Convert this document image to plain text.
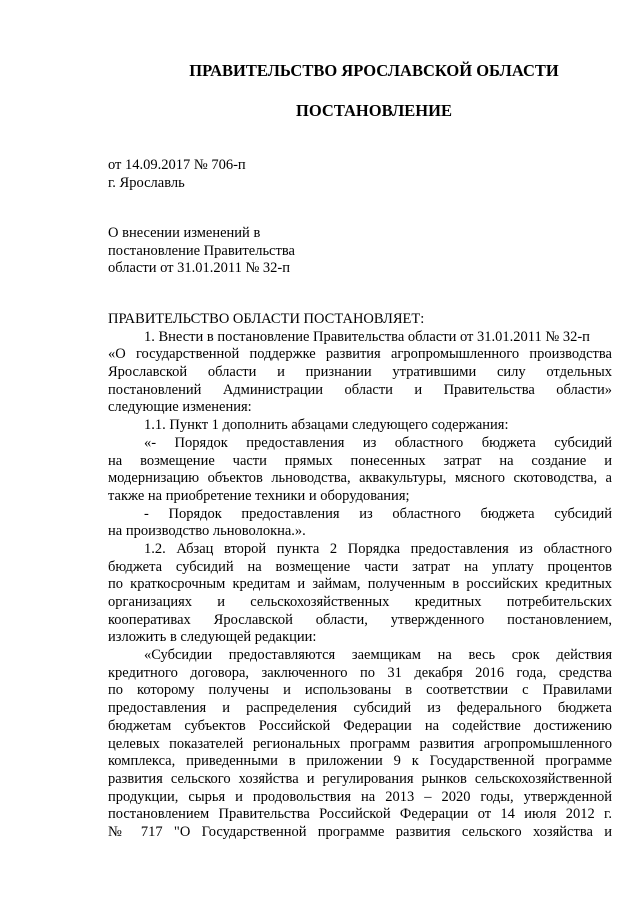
ПРАВИТЕЛЬСТВО ЯРОСЛАВСКОЙ ОБЛАСТИ
ПОСТАНОВЛЕНИЕ
от 14.09.2017 № 706-п
г. Ярославль
О внесении изменений в
постановление Правительства
области от 31.01.2011 № 32-п
ПРАВИТЕЛЬСТВО ОБЛАСТИ ПОСТАНОВЛЯЕТ:
1. Внести в постановление Правительства области от 31.01.2011 № 32-п
«О государственной поддержке развития агропромышленного производства
Ярославской области и признании утратившими силу отдельных
постановлений Администрации области и Правительства области»
следующие изменения:
1.1. Пункт 1 дополнить абзацами следующего содержания:
«- Порядок предоставления из областного бюджета субсидий
на возмещение части прямых понесенных затрат на создание и
модернизацию объектов льноводства, аквакультуры, мясного скотоводства, а
также на приобретение техники и оборудования;
- Порядок предоставления из областного бюджета субсидий
на производство льноволокна.».
1.2. Абзац второй пункта 2 Порядка предоставления из областного
бюджета субсидий на возмещение части затрат на уплату процентов
по краткосрочным кредитам и займам, полученным в российских кредитных
организациях и сельскохозяйственных кредитных потребительских
кооперативах Ярославской области, утвержденного постановлением,
изложить в следующей редакции:
«Субсидии предоставляются заемщикам на весь срок действия
кредитного договора, заключенного по 31 декабря 2016 года, средства
по которому получены и использованы в соответствии с Правилами
предоставления и распределения субсидий из федерального бюджета
бюджетам субъектов Российской Федерации на содействие достижению
целевых показателей региональных программ развития агропромышленного
комплекса, приведенными в приложении 9 к Государственной программе
развития сельского хозяйства и регулирования рынков сельскохозяйственной
продукции, сырья и продовольствия на 2013 – 2020 годы, утвержденной
постановлением Правительства Российской Федерации от 14 июля 2012 г.
№ 717 "О Государственной программе развития сельского хозяйства и
